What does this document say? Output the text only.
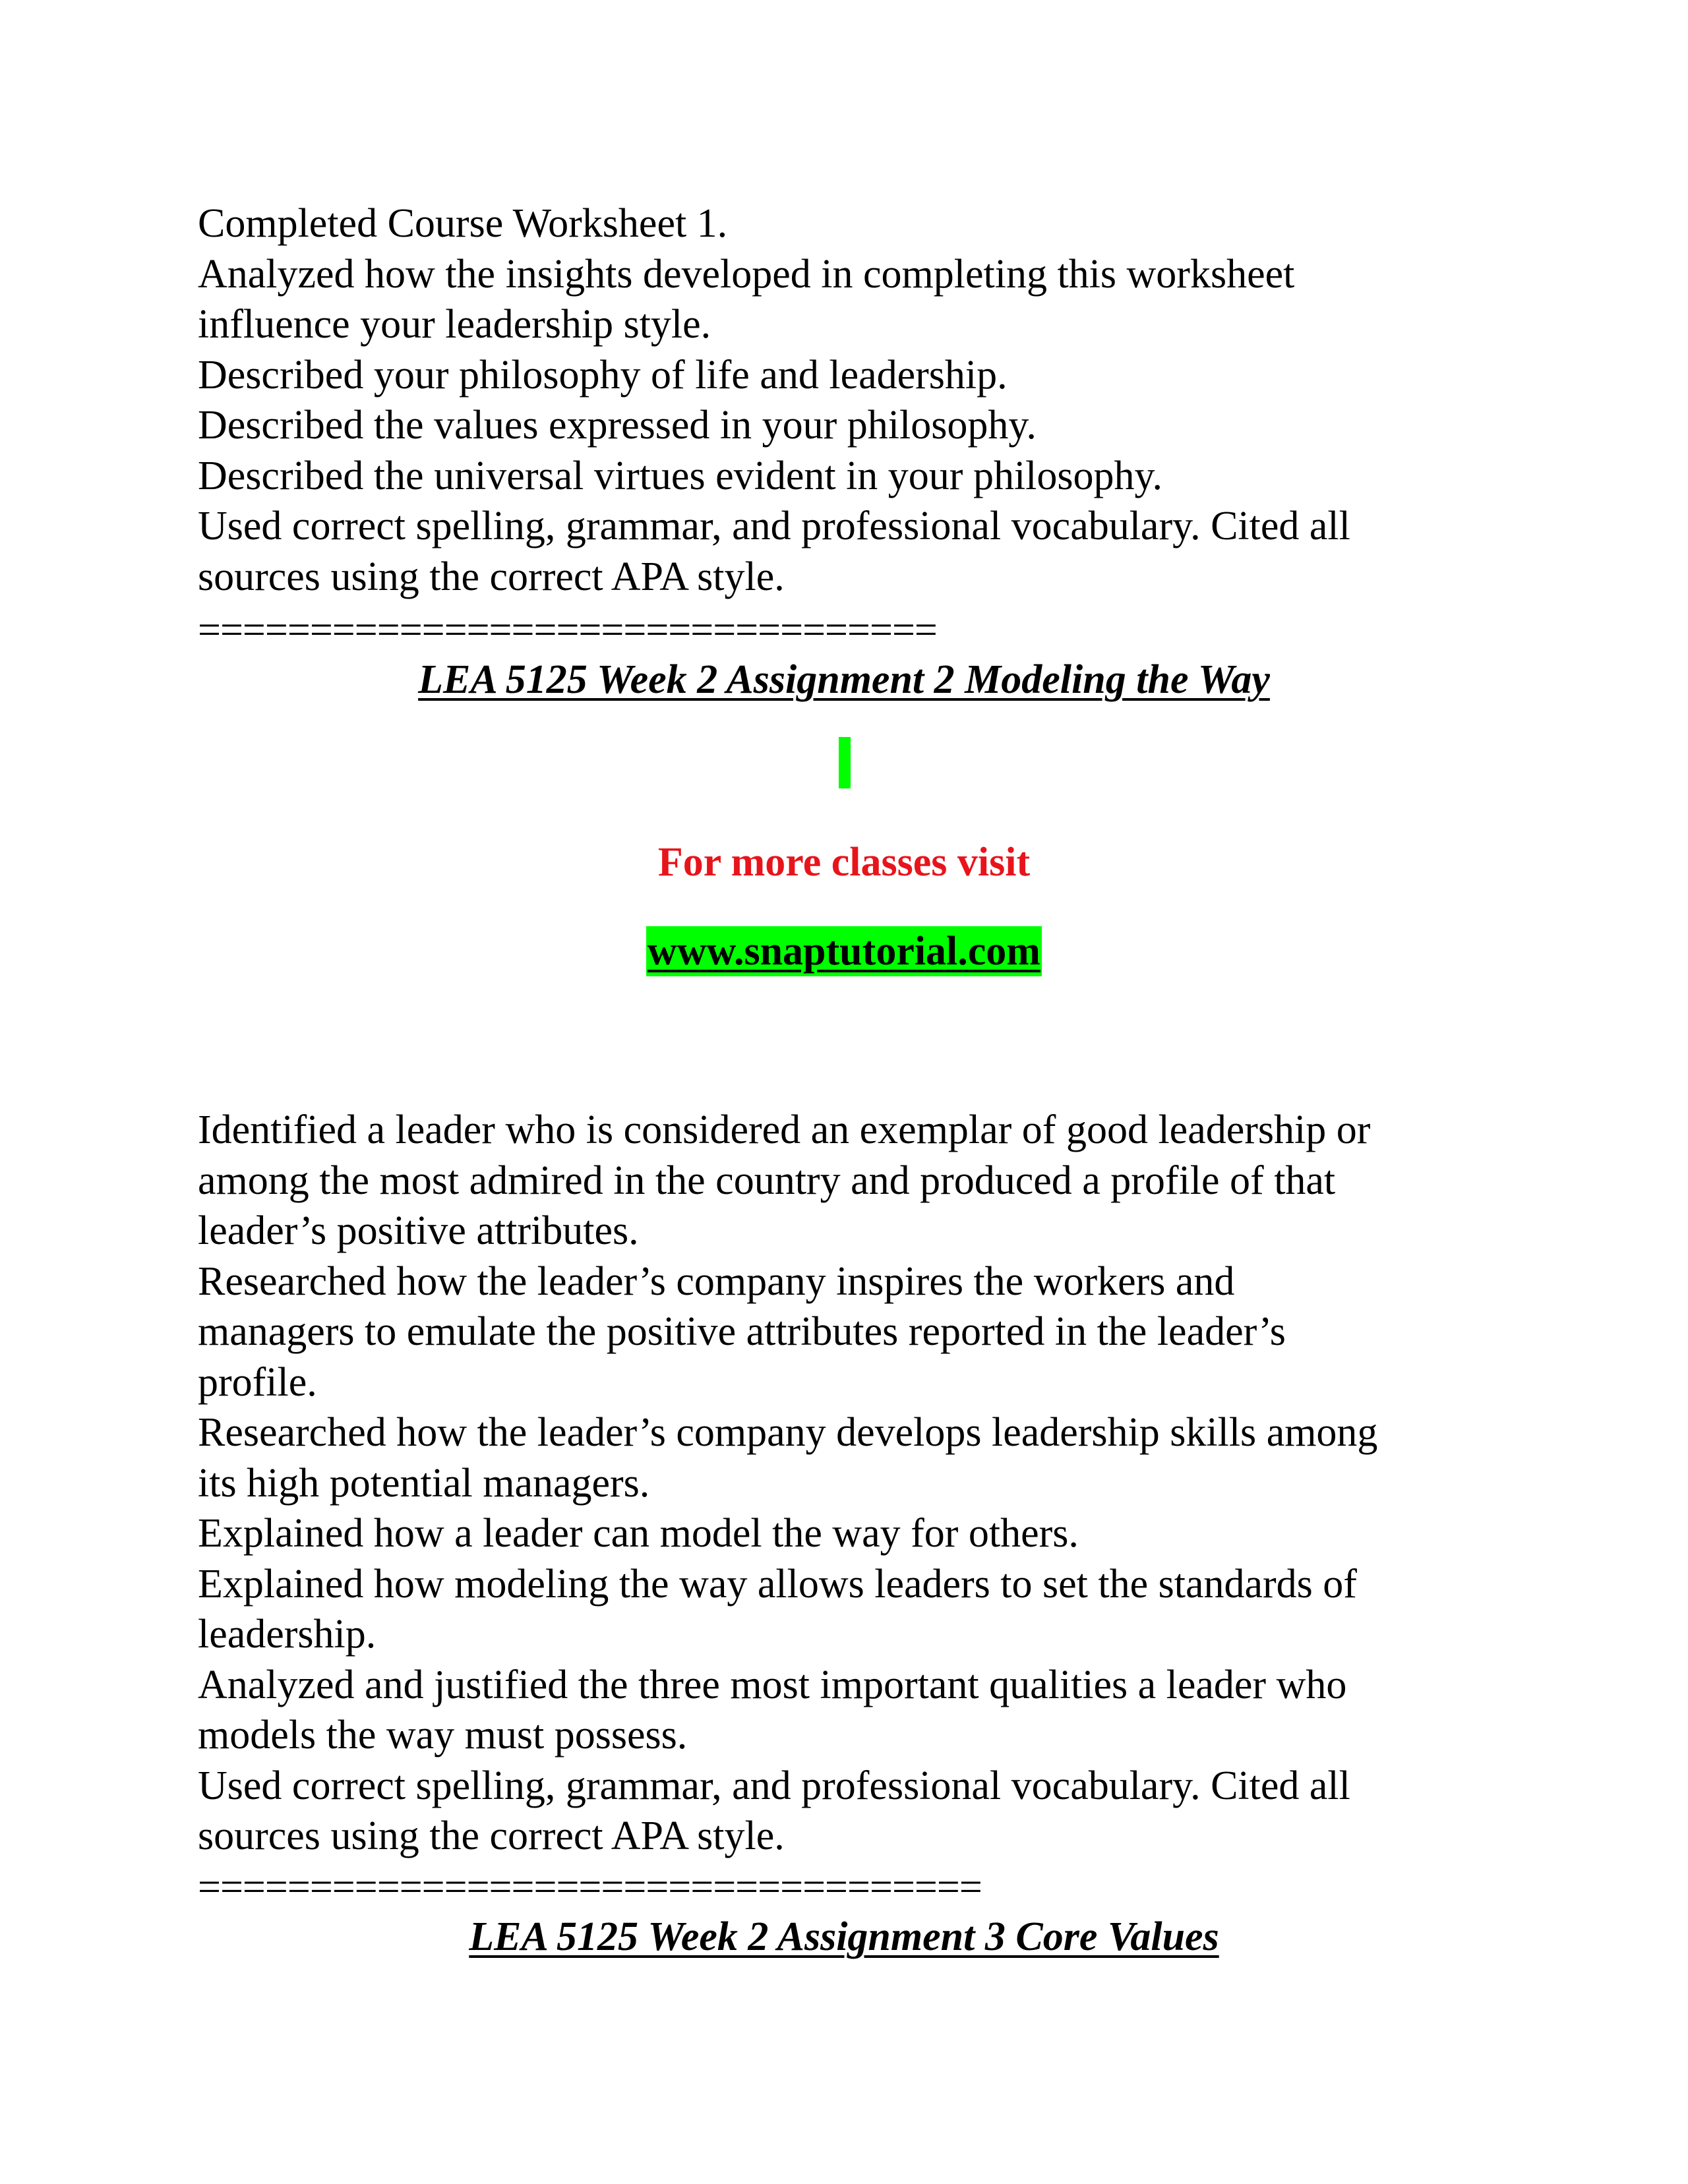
Completed Course Worksheet 1.
Analyzed how the insights developed in completing this worksheet
influence your leadership style.
Described your philosophy of life and leadership.
Described the values expressed in your philosophy.
Described the universal virtues evident in your philosophy.
Used correct spelling, grammar, and professional vocabulary. Cited all
sources using the correct APA style.
=================================
LEA 5125 Week 2 Assignment 2 Modeling the Way
For more classes visit
www.snaptutorial.com
Identified a leader who is considered an exemplar of good leadership or
among the most admired in the country and produced a profile of that
leader’s positive attributes.
Researched how the leader’s company inspires the workers and
managers to emulate the positive attributes reported in the leader’s
profile.
Researched how the leader’s company develops leadership skills among
its high potential managers.
Explained how a leader can model the way for others.
Explained how modeling the way allows leaders to set the standards of
leadership.
Analyzed and justified the three most important qualities a leader who
models the way must possess.
Used correct spelling, grammar, and professional vocabulary. Cited all
sources using the correct APA style.
===================================
LEA 5125 Week 2 Assignment 3 Core Values
